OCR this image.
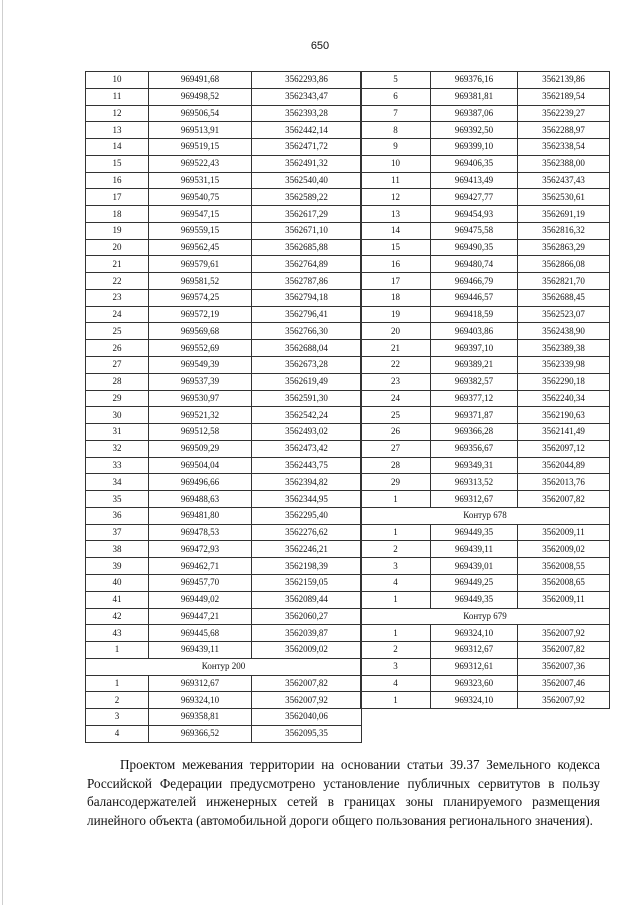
650
10	969491,68	3562293,86
11	969498,52	3562343,47
12	969506,54	3562393,28
13	969513,91	3562442,14
14	969519,15	3562471,72
15	969522,43	3562491,32
16	969531,15	3562540,40
17	969540,75	3562589,22
18	969547,15	3562617,29
19	969559,15	3562671,10
20	969562,45	3562685,88
21	969579,61	3562764,89
22	969581,52	3562787,86
23	969574,25	3562794,18
24	969572,19	3562796,41
25	969569,68	3562766,30
26	969552,69	3562688,04
27	969549,39	3562673,28
28	969537,39	3562619,49
29	969530,97	3562591,30
30	969521,32	3562542,24
31	969512,58	3562493,02
32	969509,29	3562473,42
33	969504,04	3562443,75
34	969496,66	3562394,82
35	969488,63	3562344,95
36	969481,80	3562295,40
37	969478,53	3562276,62
38	969472,93	3562246,21
39	969462,71	3562198,39
40	969457,70	3562159,05
41	969449,02	3562089,44
42	969447,21	3562060,27
43	969445,68	3562039,87
1	969439,11	3562009,02
Контур 200		
1	969312,67	3562007,82
2	969324,10	3562007,92
3	969358,81	3562040,06
4	969366,52	3562095,35
5	969376,16	3562139,86
6	969381,81	3562189,54
7	969387,06	3562239,27
8	969392,50	3562288,97
9	969399,10	3562338,54
10	969406,35	3562388,00
11	969413,49	3562437,43
12	969427,77	3562530,61
13	969454,93	3562691,19
14	969475,58	3562816,32
15	969490,35	3562863,29
16	969480,74	3562866,08
17	969466,79	3562821,70
18	969446,57	3562688,45
19	969418,59	3562523,07
20	969403,86	3562438,90
21	969397,10	3562389,38
22	969389,21	3562339,98
23	969382,57	3562290,18
24	969377,12	3562240,34
25	969371,87	3562190,63
26	969366,28	3562141,49
27	969356,67	3562097,12
28	969349,31	3562044,89
29	969313,52	3562013,76
1	969312,67	3562007,82
Контур 678		
1	969449,35	3562009,11
2	969439,11	3562009,02
3	969439,01	3562008,55
4	969449,25	3562008,65
1	969449,35	3562009,11
Контур 679		
1	969324,10	3562007,92
2	969312,67	3562007,82
3	969312,61	3562007,36
4	969323,60	3562007,46
1	969324,10	3562007,92

Проектом межевания территории на основании статьи 39.37 Земельного кодекса Российской Федерации предусмотрено установление публичных сервитутов в пользу балансодержателей инженерных сетей в границах зоны планируемого размещения линейного объекта (автомобильной дороги общего пользования регионального значения).
